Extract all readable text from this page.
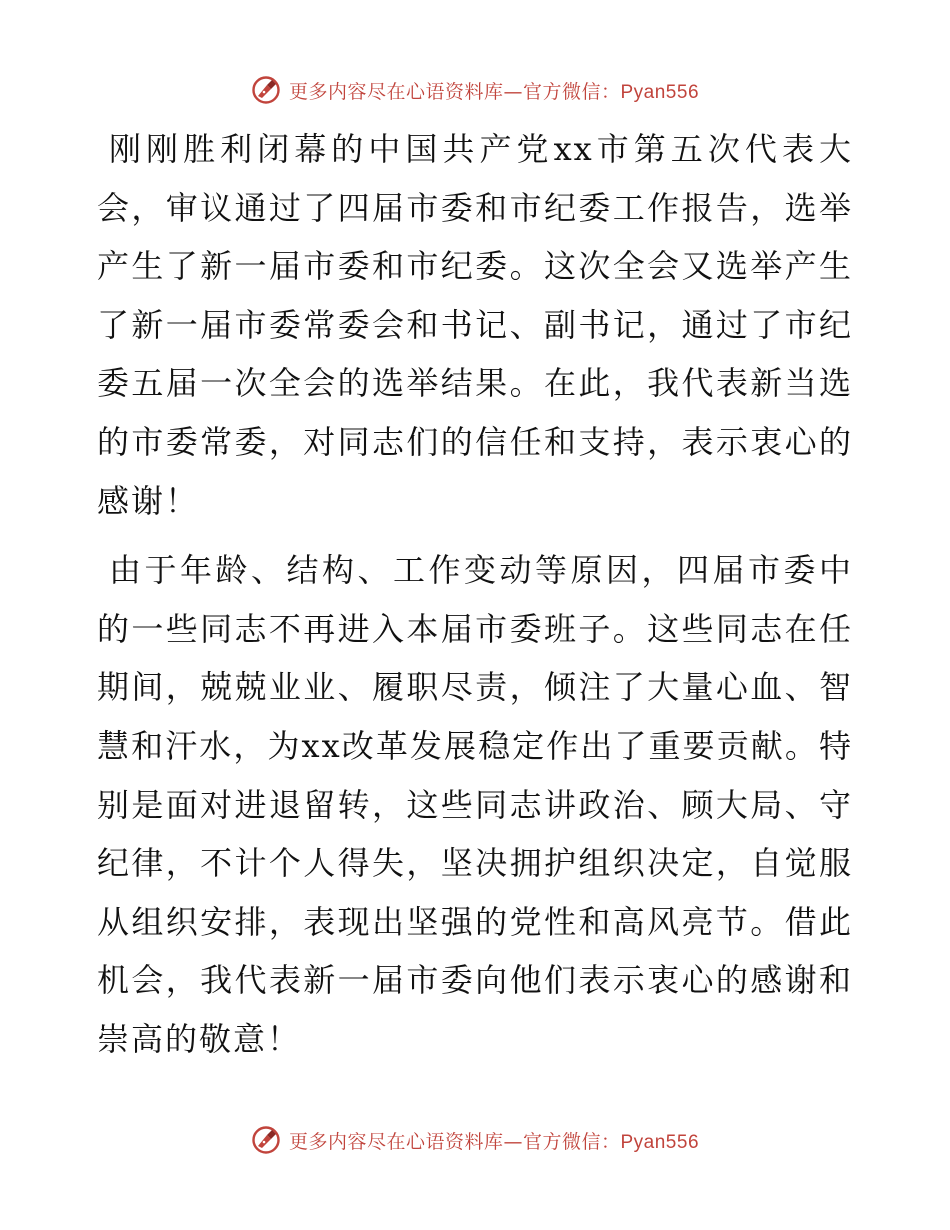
更多内容尽在心语资料库—官方微信：Pyan556

刚刚胜利闭幕的中国共产党xx市第五次代表大会，审议通过了四届市委和市纪委工作报告，选举产生了新一届市委和市纪委。这次全会又选举产生了新一届市委常委会和书记、副书记，通过了市纪委五届一次全会的选举结果。在此，我代表新当选的市委常委，对同志们的信任和支持，表示衷心的感谢！

由于年龄、结构、工作变动等原因，四届市委中的一些同志不再进入本届市委班子。这些同志在任期间，兢兢业业、履职尽责，倾注了大量心血、智慧和汗水，为xx改革发展稳定作出了重要贡献。特别是面对进退留转，这些同志讲政治、顾大局、守纪律，不计个人得失，坚决拥护组织决定，自觉服从组织安排，表现出坚强的党性和高风亮节。借此机会，我代表新一届市委向他们表示衷心的感谢和崇高的敬意！

更多内容尽在心语资料库—官方微信：Pyan556
